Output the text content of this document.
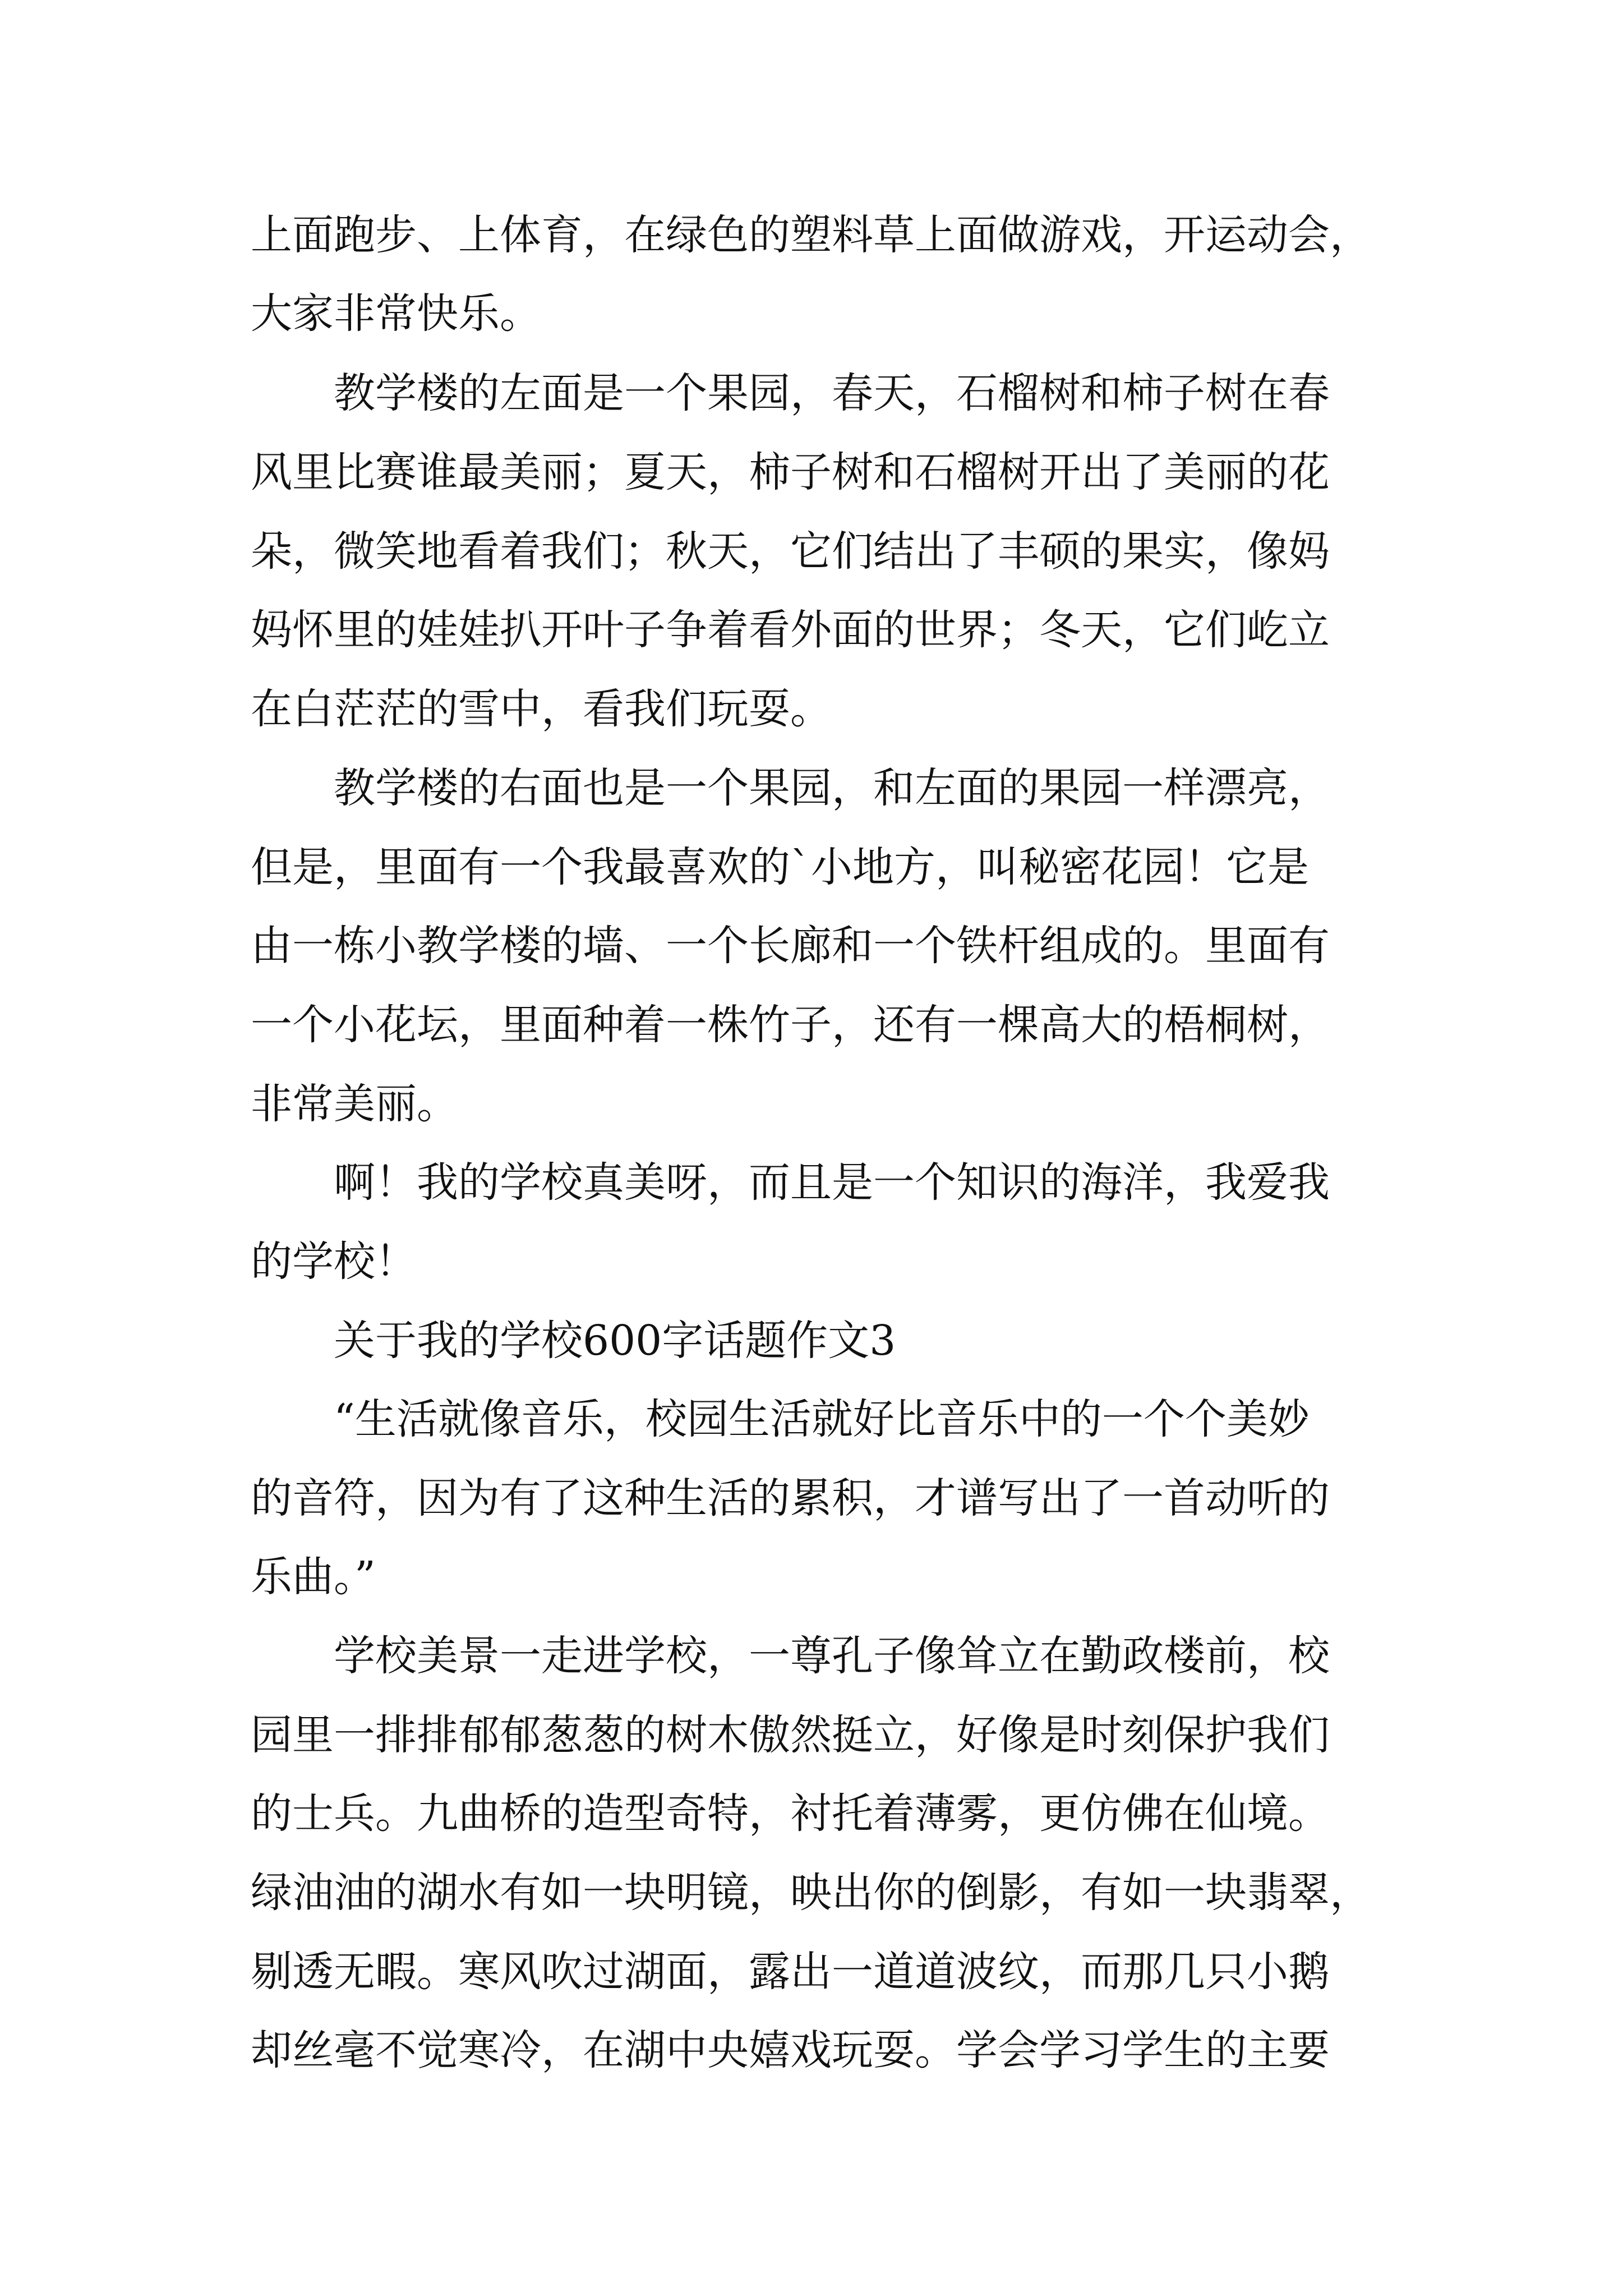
上面跑步、上体育，在绿色的塑料草上面做游戏，开运动会，
大家非常快乐。
教学楼的左面是一个果园，春天，石榴树和柿子树在春
风里比赛谁最美丽；夏天，柿子树和石榴树开出了美丽的花
朵，微笑地看着我们；秋天，它们结出了丰硕的果实，像妈
妈怀里的娃娃扒开叶子争着看外面的世界；冬天，它们屹立
在白茫茫的雪中，看我们玩耍。
教学楼的右面也是一个果园，和左面的果园一样漂亮，
但是，里面有一个我最喜欢的`小地方，叫秘密花园！它是
由一栋小教学楼的墙、一个长廊和一个铁杆组成的。里面有
一个小花坛，里面种着一株竹子，还有一棵高大的梧桐树，
非常美丽。
啊！我的学校真美呀，而且是一个知识的海洋，我爱我
的学校！
关于我的学校600字话题作文3
“生活就像音乐，校园生活就好比音乐中的一个个美妙
的音符，因为有了这种生活的累积，才谱写出了一首动听的
乐曲。”
学校美景一走进学校，一尊孔子像耸立在勤政楼前，校
园里一排排郁郁葱葱的树木傲然挺立，好像是时刻保护我们
的士兵。九曲桥的造型奇特，衬托着薄雾，更仿佛在仙境。
绿油油的湖水有如一块明镜，映出你的倒影，有如一块翡翠，
剔透无暇。寒风吹过湖面，露出一道道波纹，而那几只小鹅
却丝毫不觉寒冷，在湖中央嬉戏玩耍。学会学习学生的主要
